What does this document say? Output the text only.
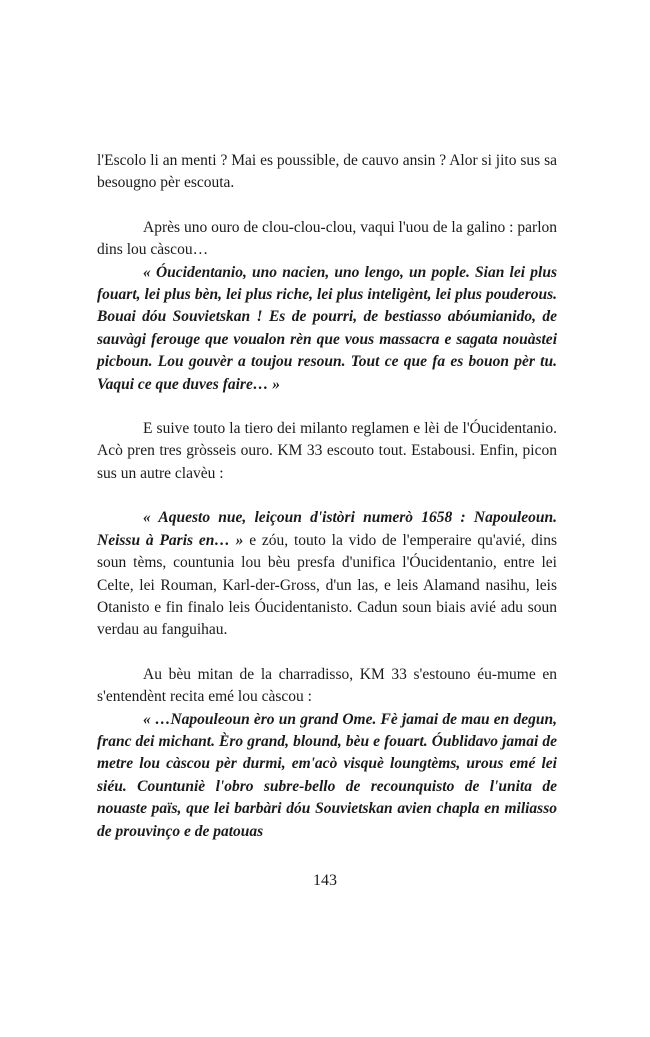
l'Escolo li an menti ? Mai es poussible, de cauvo ansin ? Alor si jito sus sa besougno pèr escouta.

Après uno ouro de clou-clou-clou, vaqui l'uou de la galino : parlon dins lou càscou…

« Óucidentanio, uno nacien, uno lengo, un pople. Sian lei plus fouart, lei plus bèn, lei plus riche, lei plus inteligènt, lei plus pouderous. Bouai dóu Souvietskan ! Es de pourri, de bestiasso abóumianido, de sauvàgi ferouge que voualon rèn que vous massacra e sagata nouàstei picboun. Lou gouvèr a toujou resoun. Tout ce que fa es bouon pèr tu. Vaqui ce que duves faire… »

E suive touto la tiero dei milanto reglamen e lèi de l'Óucidentanio. Acò pren tres gròsseis ouro. KM 33 escouto tout. Estabousi. Enfin, picon sus un autre clavèu :

« Aquesto nue, leiçoun d'istòri numerò 1658 : Napouleoun. Neissu à Paris en… » e zóu, touto la vido de l'emperaire qu'avié, dins soun tèms, countunia lou bèu presfa d'unifica l'Óucidentanio, entre lei Celte, lei Rouman, Karl-der-Gross, d'un las, e leis Alamand nasihu, leis Otanisto e fin finalo leis Óucidentanisto. Cadun soun biais avié adu soun verdau au fanguihau.

Au bèu mitan de la charradisso, KM 33 s'estouno éu-mume en s'entendènt recita emé lou càscou :

« …Napouleoun èro un grand Ome. Fè jamai de mau en degun, franc dei michant. Èro grand, blound, bèu e fouart. Óublidavo jamai de metre lou càscou pèr durmi, em'acò visquè loungtèms, urous emé lei siéu. Countuniè l'obro subre-bello de recounquisto de l'unita de nouaste païs, que lei barbàri dóu Souvietskan avien chapla en miliasso de prouvinço e de patouas

143
